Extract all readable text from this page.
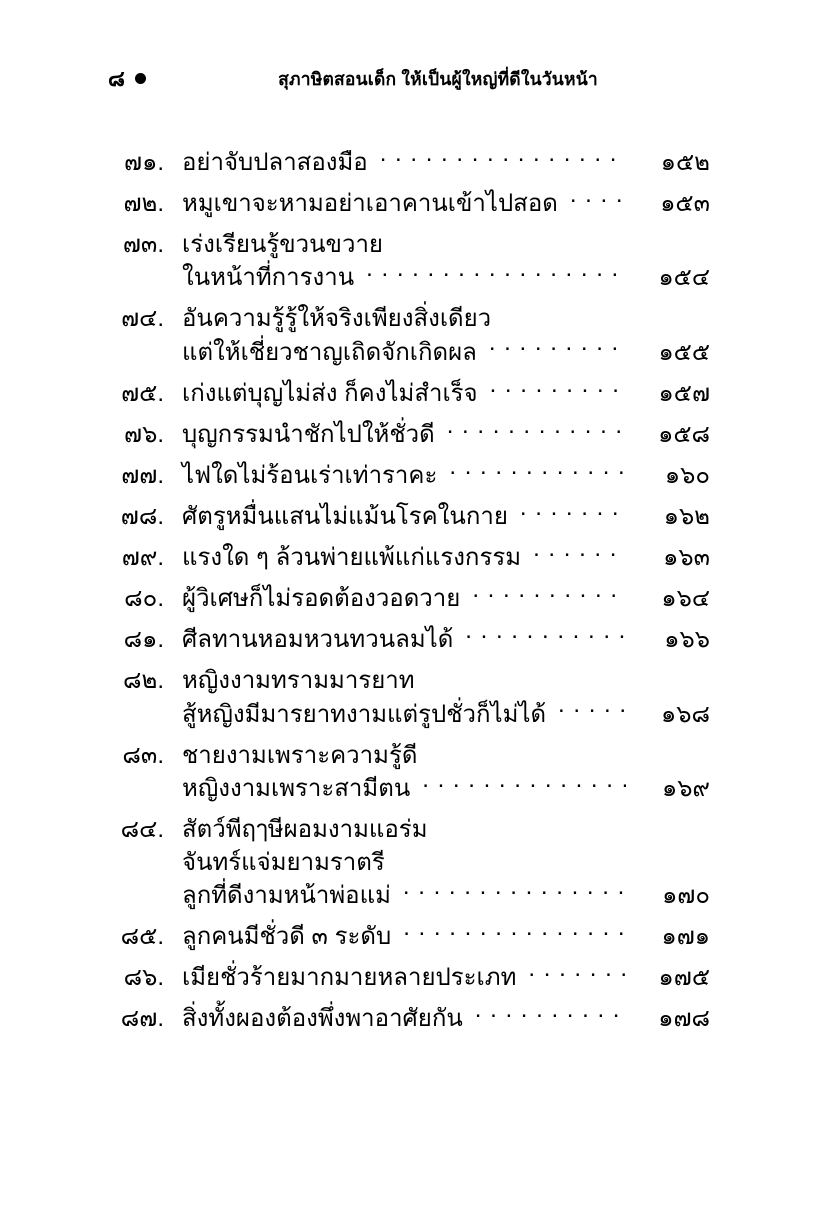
๘	สุภาษิตสอนเด็ก ให้เป็นผู้ใหญ่ที่ดีในวันหน้า
๗๑. อย่าจับปลาสองมือ . . .	๑๕๒
๗๒. หมูเขาจะหามอย่าเอาคานเข้าไปสอด . . .	๑๕๓
๗๓. เร่งเรียนรู้ขวนขวาย
ในหน้าที่การงาน . . .	๑๕๔
๗๔. อันความรู้รู้ให้จริงเพียงสิ่งเดียว
แต่ให้เชี่ยวชาญเถิดจักเกิดผล . . .	๑๕๕
๗๕. เก่งแต่บุญไม่ส่ง ก็คงไม่สำเร็จ . . .	๑๕๗
๗๖. บุญกรรมนำชักไปให้ชั่วดี . . .	๑๕๘
๗๗. ไฟใดไม่ร้อนเร่าเท่าราคะ . . .	๑๖๐
๗๘. ศัตรูหมื่นแสนไม่แม้นโรคในกาย . . .	๑๖๒
๗๙. แรงใด ๆ ล้วนพ่ายแพ้แก่แรงกรรม . . .	๑๖๓
๘๐. ผู้วิเศษก็ไม่รอดต้องวอดวาย . . .	๑๖๔
๘๑. ศีลทานหอมหวนทวนลมได้ . . .	๑๖๖
๘๒. หญิงงามทรามมารยาท
สู้หญิงมีมารยาทงามแต่รูปชั่วก็ไม่ได้ . . .	๑๖๘
๘๓. ชายงามเพราะความรู้ดี
หญิงงามเพราะสามีตน . . .	๑๖๙
๘๔. สัตว์พีฤๅษีผอมงามแอร่ม
จันทร์แจ่มยามราตรี
ลูกที่ดีงามหน้าพ่อแม่ . . .	๑๗๐
๘๕. ลูกคนมีชั่วดี ๓ ระดับ . . .	๑๗๑
๘๖. เมียชั่วร้ายมากมายหลายประเภท . . .	๑๗๕
๘๗. สิ่งทั้งผองต้องพึ่งพาอาศัยกัน . . .	๑๗๘
